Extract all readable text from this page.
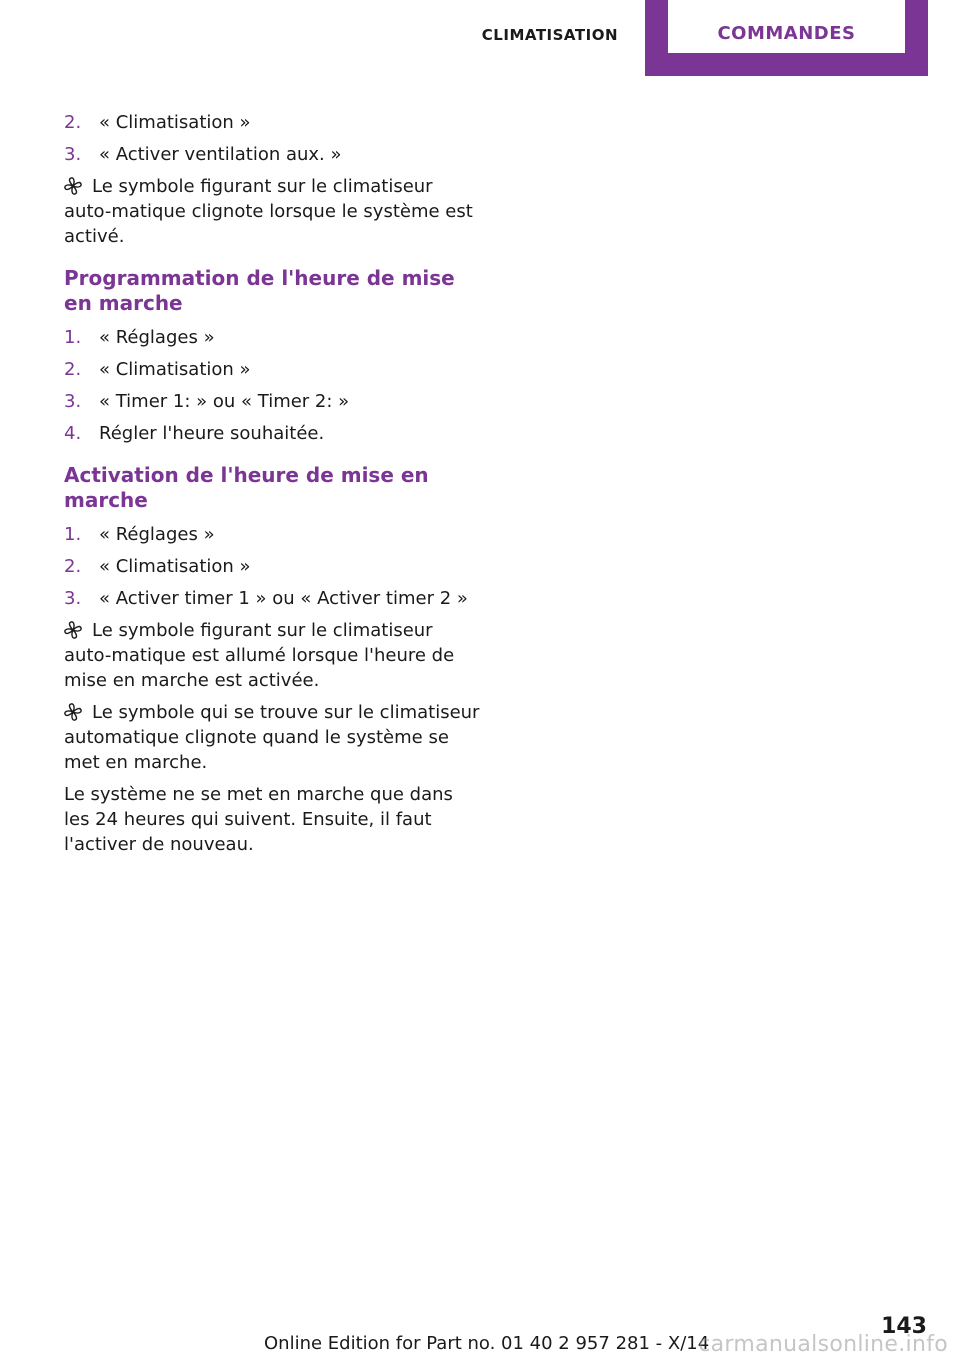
CLIMATISATION	COMMANDES
2. « Climatisation »
3. « Activer ventilation aux. »

Le symbole figurant sur le climatiseur auto-matique clignote lorsque le système est activé.

Programmation de l'heure de mise en marche
1. « Réglages »
2. « Climatisation »
3. « Timer 1: » ou « Timer 2: »
4. Régler l'heure souhaitée.
Activation de l'heure de mise en marche
1. « Réglages »
2. « Climatisation »
3. « Activer timer 1 » ou « Activer timer 2 »

Le symbole figurant sur le climatiseur auto-matique est allumé lorsque l'heure de mise en marche est activée.

Le symbole qui se trouve sur le climatiseur automatique clignote quand le système se met en marche.

Le système ne se met en marche que dans les 24 heures qui suivent. Ensuite, il faut l'activer de nouveau.

143
Online Edition for Part no. 01 40 2 957 281 - X/14
carmanualsonline.info
